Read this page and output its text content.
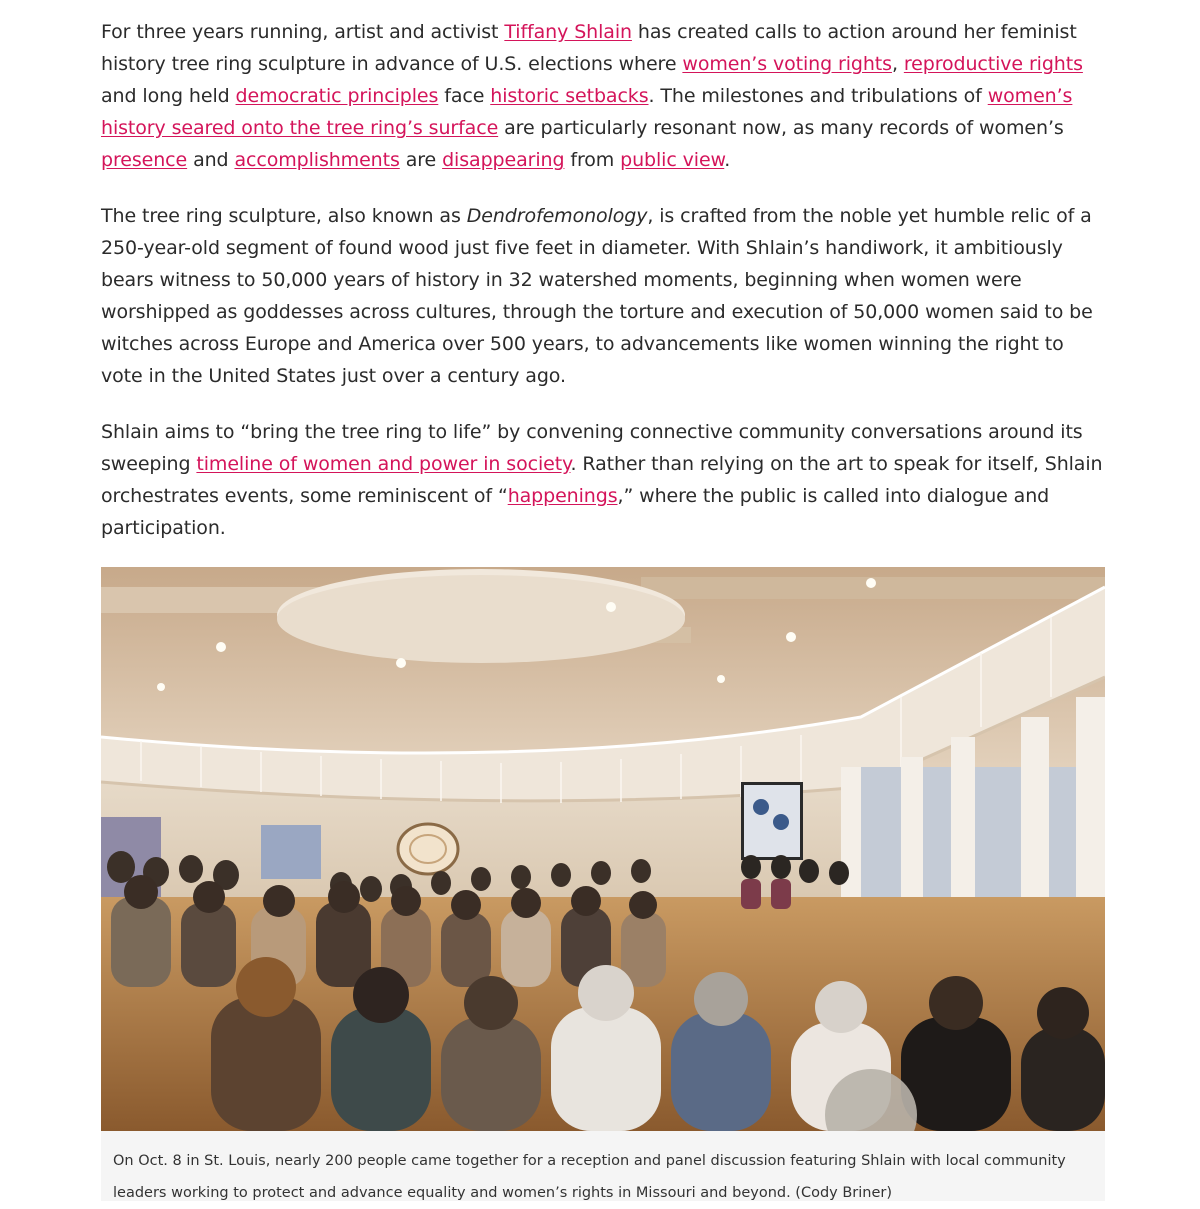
For three years running, artist and activist Tiffany Shlain has created calls to action around her feminist history tree ring sculpture in advance of U.S. elections where women’s voting rights, reproductive rights and long held democratic principles face historic setbacks. The milestones and tribulations of women’s history seared onto the tree ring’s surface are particularly resonant now, as many records of women’s presence and accomplishments are disappearing from public view.

The tree ring sculpture, also known as Dendrofemonology, is crafted from the noble yet humble relic of a 250-year-old segment of found wood just five feet in diameter. With Shlain’s handiwork, it ambitiously bears witness to 50,000 years of history in 32 watershed moments, beginning when women were worshipped as goddesses across cultures, through the torture and execution of 50,000 women said to be witches across Europe and America over 500 years, to advancements like women winning the right to vote in the United States just over a century ago.

Shlain aims to “bring the tree ring to life” by convening connective community conversations around its sweeping timeline of women and power in society. Rather than relying on the art to speak for itself, Shlain orchestrates events, some reminiscent of “happenings,” where the public is called into dialogue and participation.

On Oct. 8 in St. Louis, nearly 200 people came together for a reception and panel discussion featuring Shlain with local community leaders working to protect and advance equality and women’s rights in Missouri and beyond. (Cody Briner)
